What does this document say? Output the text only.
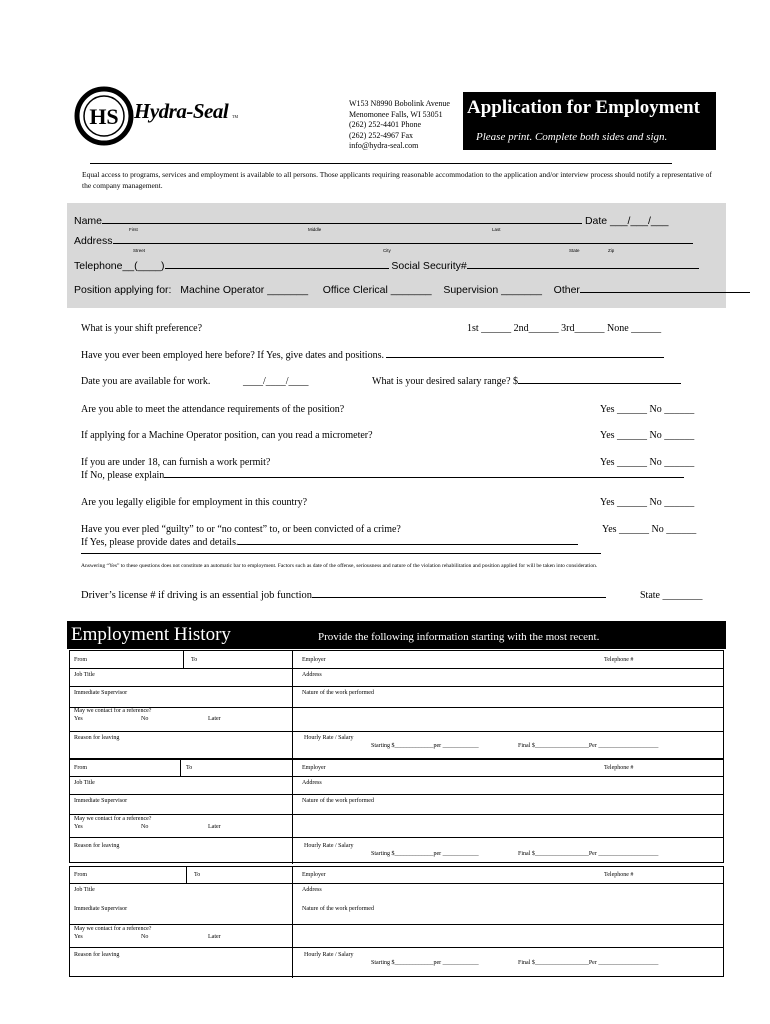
HS Hydra-Seal TM
W153 N8990 Bobolink Avenue
Menomonee Falls, WI 53051
(262) 252-4401 Phone
(262) 252-4967 Fax
info@hydra-seal.com
Application for Employment
Please print. Complete both sides and sign.
Equal access to programs, services and employment is available to all persons. Those applicants requiring reasonable accommodation to the application and/or interview process should notify a representative of the company management.
Name	Date ___/___/___
First	Middle	Last
Address
Street	City	State	Zip
Telephone__(____)	Social Security#
Position applying for: Machine Operator _______ Office Clerical _______ Supervision _______ Other
What is your shift preference?	1st ______ 2nd______ 3rd______ None ______
Have you ever been employed here before? If Yes, give dates and positions.
Date you are available for work.	____/____/____	What is your desired salary range? $
Are you able to meet the attendance requirements of the position?	Yes ______ No ______
If applying for a Machine Operator position, can you read a micrometer?	Yes ______ No ______
If you are under 18, can furnish a work permit?	Yes ______ No ______
If No, please explain
Are you legally eligible for employment in this country?	Yes ______ No ______
Have you ever pled “guilty” to or “no contest” to, or been convicted of a crime?	Yes ______ No ______
If Yes, please provide dates and details.
Answering “Yes” to these questions does not constitute an automatic bar to employment. Factors such as date of the offense, seriousness and nature of the violation rehabilitation and position applied for will be taken into consideration.
Driver’s license # if driving is an essential job function	State ________
Employment History	Provide the following information starting with the most recent.
From	To	Employer	Telephone #
Job Title	Address
Immediate Supervisor	Nature of the work performed
May we contact for a reference?
Yes	No	Later
Reason for leaving	Hourly Rate / Salary
Starting $_____________per ____________	Final $__________________Per ____________________
From	To	Employer	Telephone #
Job Title	Address
Immediate Supervisor	Nature of the work performed
May we contact for a reference?
Yes	No	Later
Reason for leaving	Hourly Rate / Salary
Starting $_____________per ____________	Final $__________________Per ____________________
From	To	Employer	Telephone #
Job Title	Address
Immediate Supervisor	Nature of the work performed
May we contact for a reference?
Yes	No	Later
Reason for leaving	Hourly Rate / Salary
Starting $_____________per ____________	Final $__________________Per ____________________
